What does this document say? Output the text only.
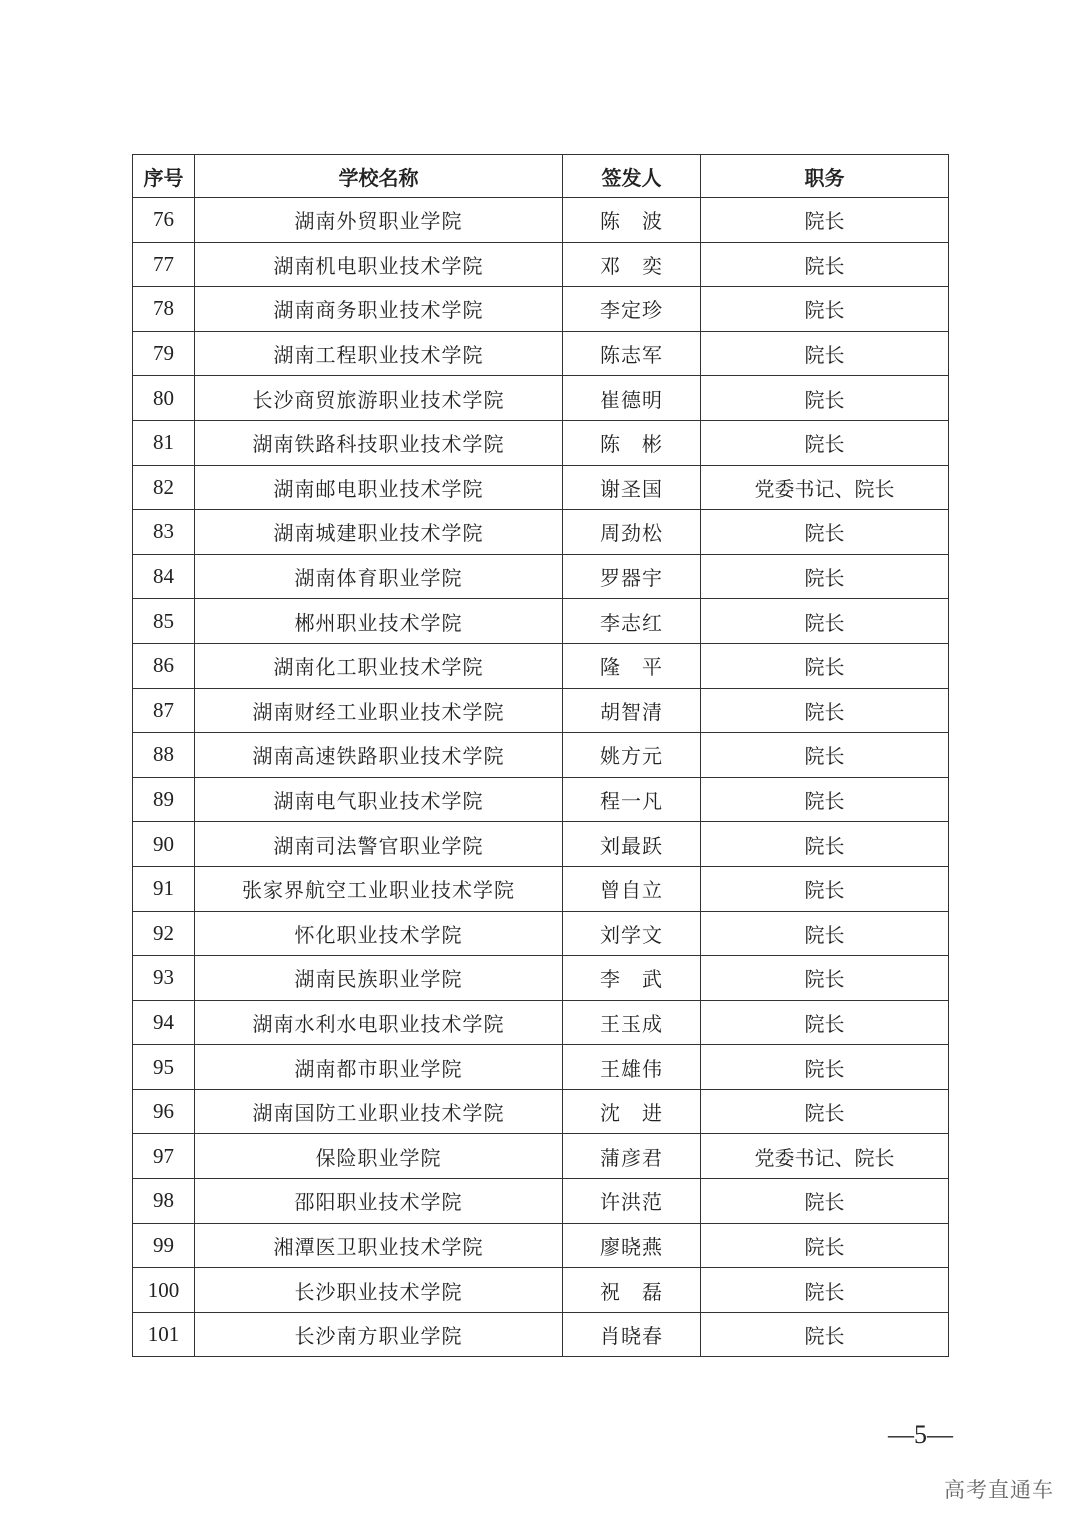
序号	学校名称	签发人	职务
76	湖南外贸职业学院	陈　波	院长
77	湖南机电职业技术学院	邓　奕	院长
78	湖南商务职业技术学院	李定珍	院长
79	湖南工程职业技术学院	陈志军	院长
80	长沙商贸旅游职业技术学院	崔德明	院长
81	湖南铁路科技职业技术学院	陈　彬	院长
82	湖南邮电职业技术学院	谢圣国	党委书记、院长
83	湖南城建职业技术学院	周劲松	院长
84	湖南体育职业学院	罗器宇	院长
85	郴州职业技术学院	李志红	院长
86	湖南化工职业技术学院	隆　平	院长
87	湖南财经工业职业技术学院	胡智清	院长
88	湖南高速铁路职业技术学院	姚方元	院长
89	湖南电气职业技术学院	程一凡	院长
90	湖南司法警官职业学院	刘最跃	院长
91	张家界航空工业职业技术学院	曾自立	院长
92	怀化职业技术学院	刘学文	院长
93	湖南民族职业学院	李　武	院长
94	湖南水利水电职业技术学院	王玉成	院长
95	湖南都市职业学院	王雄伟	院长
96	湖南国防工业职业技术学院	沈　进	院长
97	保险职业学院	蒲彦君	党委书记、院长
98	邵阳职业技术学院	许洪范	院长
99	湘潭医卫职业技术学院	廖晓燕	院长
100	长沙职业技术学院	祝　磊	院长
101	长沙南方职业学院	肖晓春	院长
—5—
高考直通车
